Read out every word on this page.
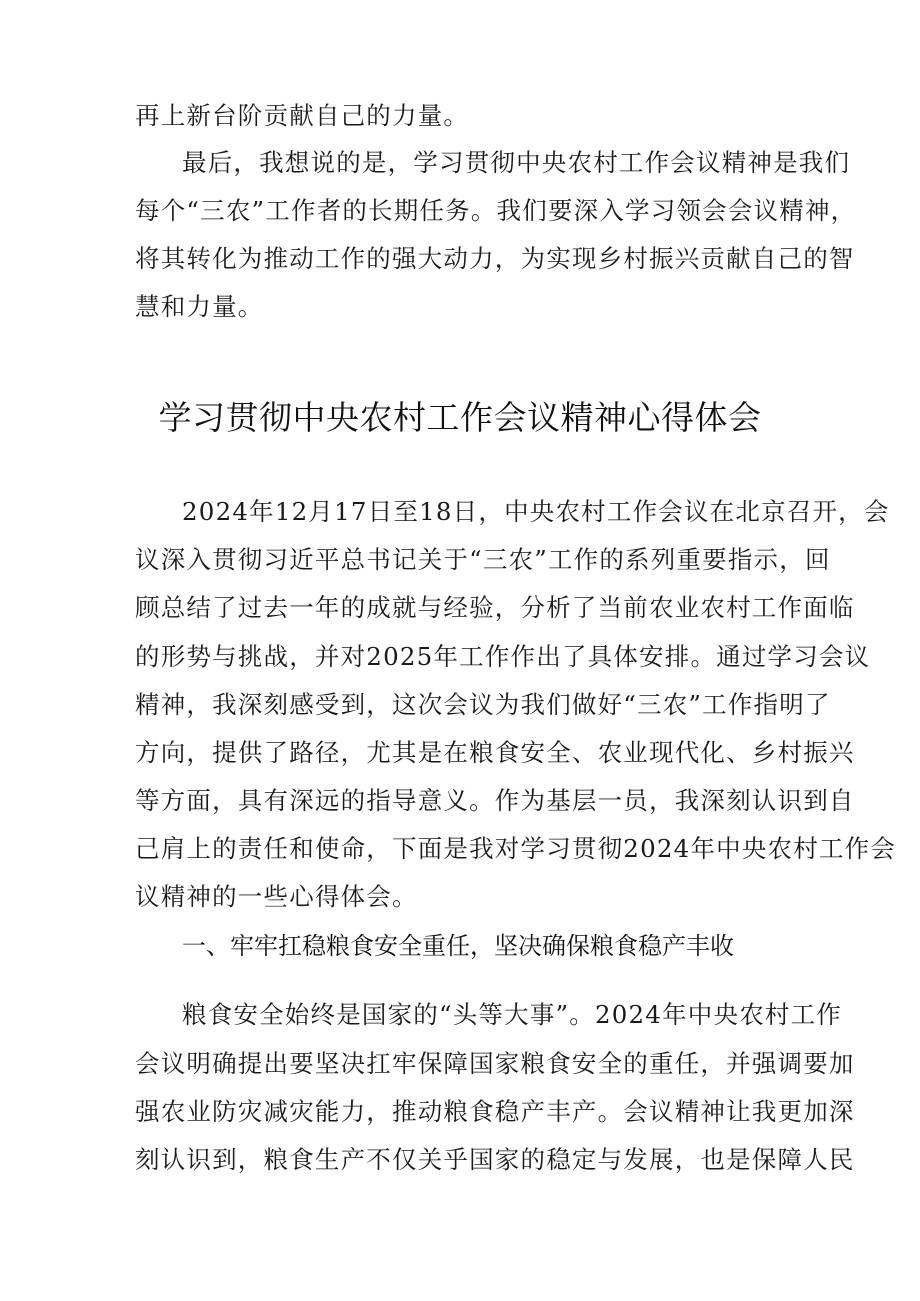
再上新台阶贡献自己的力量。
最后，我想说的是，学习贯彻中央农村工作会议精神是我们
每个“三农”工作者的长期任务。我们要深入学习领会会议精神，
将其转化为推动工作的强大动力，为实现乡村振兴贡献自己的智
慧和力量。
学习贯彻中央农村工作会议精神心得体会
2024年12月17日至18日，中央农村工作会议在北京召开，会
议深入贯彻习近平总书记关于“三农”工作的系列重要指示，回
顾总结了过去一年的成就与经验，分析了当前农业农村工作面临
的形势与挑战，并对2025年工作作出了具体安排。通过学习会议
精神，我深刻感受到，这次会议为我们做好“三农”工作指明了
方向，提供了路径，尤其是在粮食安全、农业现代化、乡村振兴
等方面，具有深远的指导意义。作为基层一员，我深刻认识到自
己肩上的责任和使命，下面是我对学习贯彻2024年中央农村工作会
议精神的一些心得体会。
一、牢牢扛稳粮食安全重任，坚决确保粮食稳产丰收
粮食安全始终是国家的“头等大事”。2024年中央农村工作
会议明确提出要坚决扛牢保障国家粮食安全的重任，并强调要加
强农业防灾减灾能力，推动粮食稳产丰产。会议精神让我更加深
刻认识到，粮食生产不仅关乎国家的稳定与发展，也是保障人民
